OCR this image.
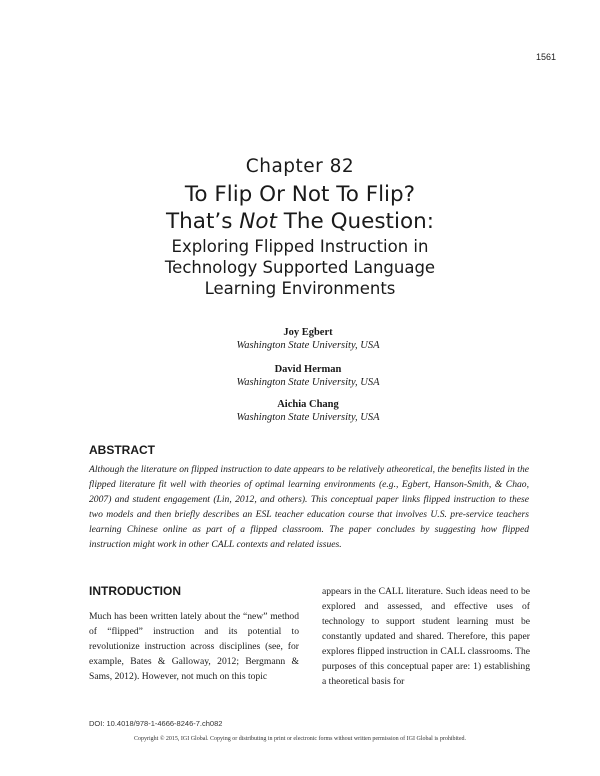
1561
Chapter 82
To Flip Or Not To Flip?
That’s Not The Question:
Exploring Flipped Instruction in
Technology Supported Language
Learning Environments
Joy Egbert
Washington State University, USA
David Herman
Washington State University, USA
Aichia Chang
Washington State University, USA
ABSTRACT
Although the literature on flipped instruction to date appears to be relatively atheoretical, the benefits listed in the flipped literature fit well with theories of optimal learning environments (e.g., Egbert, Hanson-Smith, & Chao, 2007) and student engagement (Lin, 2012, and others). This conceptual paper links flipped instruction to these two models and then briefly describes an ESL teacher education course that involves U.S. pre-service teachers learning Chinese online as part of a flipped classroom. The paper concludes by suggesting how flipped instruction might work in other CALL contexts and related issues.
INTRODUCTION
Much has been written lately about the “new” method of “flipped” instruction and its potential to revolutionize instruction across disciplines (see, for example, Bates & Galloway, 2012; Bergmann & Sams, 2012). However, not much on this topic
appears in the CALL literature. Such ideas need to be explored and assessed, and effective uses of technology to support student learning must be constantly updated and shared. Therefore, this paper explores flipped instruction in CALL classrooms. The purposes of this conceptual paper are: 1) establishing a theoretical basis for
DOI: 10.4018/978-1-4666-8246-7.ch082
Copyright © 2015, IGI Global. Copying or distributing in print or electronic forms without written permission of IGI Global is prohibited.
